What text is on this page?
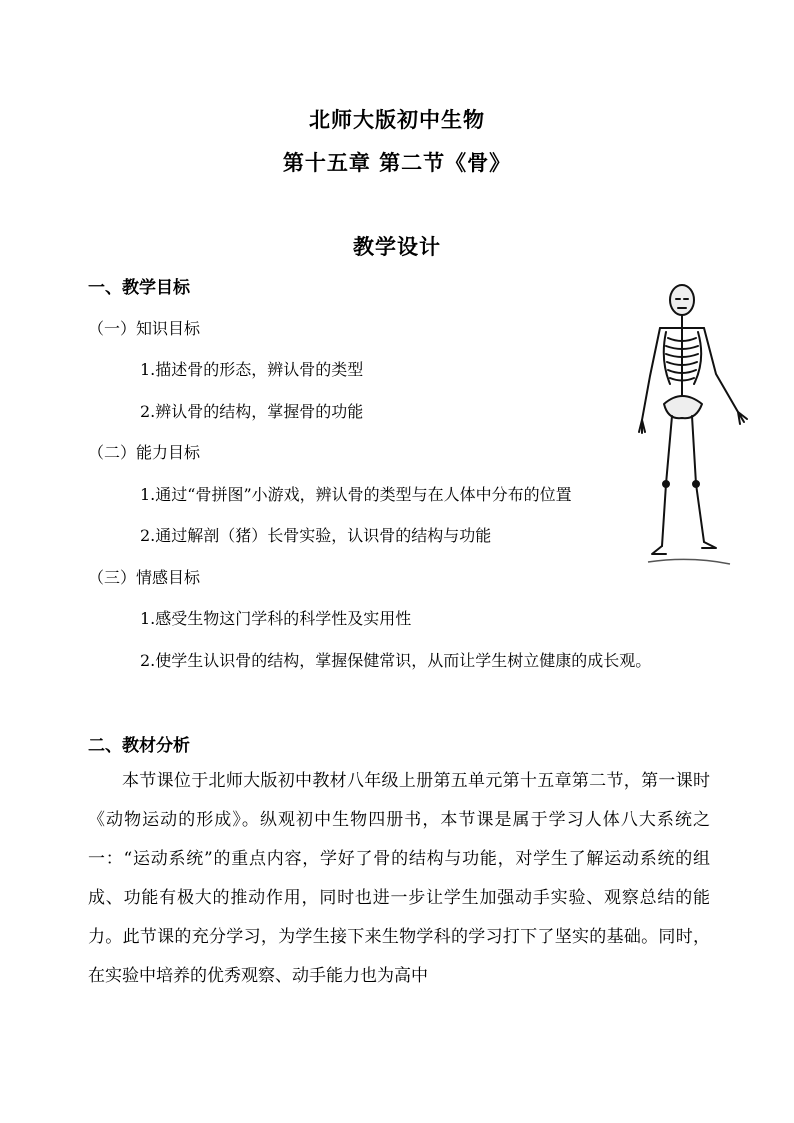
北师大版初中生物
第十五章 第二节《骨》
教学设计
一、教学目标
（一）知识目标
1.描述骨的形态，辨认骨的类型
2.辨认骨的结构，掌握骨的功能
（二）能力目标
1.通过“骨拼图”小游戏，辨认骨的类型与在人体中分布的位置
2.通过解剖（猪）长骨实验，认识骨的结构与功能
（三）情感目标
1.感受生物这门学科的科学性及实用性
2.使学生认识骨的结构，掌握保健常识，从而让学生树立健康的成长观。
二、教材分析
本节课位于北师大版初中教材八年级上册第五单元第十五章第二节，第一课时《动物运动的形成》。纵观初中生物四册书，本节课是属于学习人体八大系统之一：“运动系统”的重点内容，学好了骨的结构与功能，对学生了解运动系统的组成、功能有极大的推动作用，同时也进一步让学生加强动手实验、观察总结的能力。此节课的充分学习，为学生接下来生物学科的学习打下了坚实的基础。同时，在实验中培养的优秀观察、动手能力也为高中
